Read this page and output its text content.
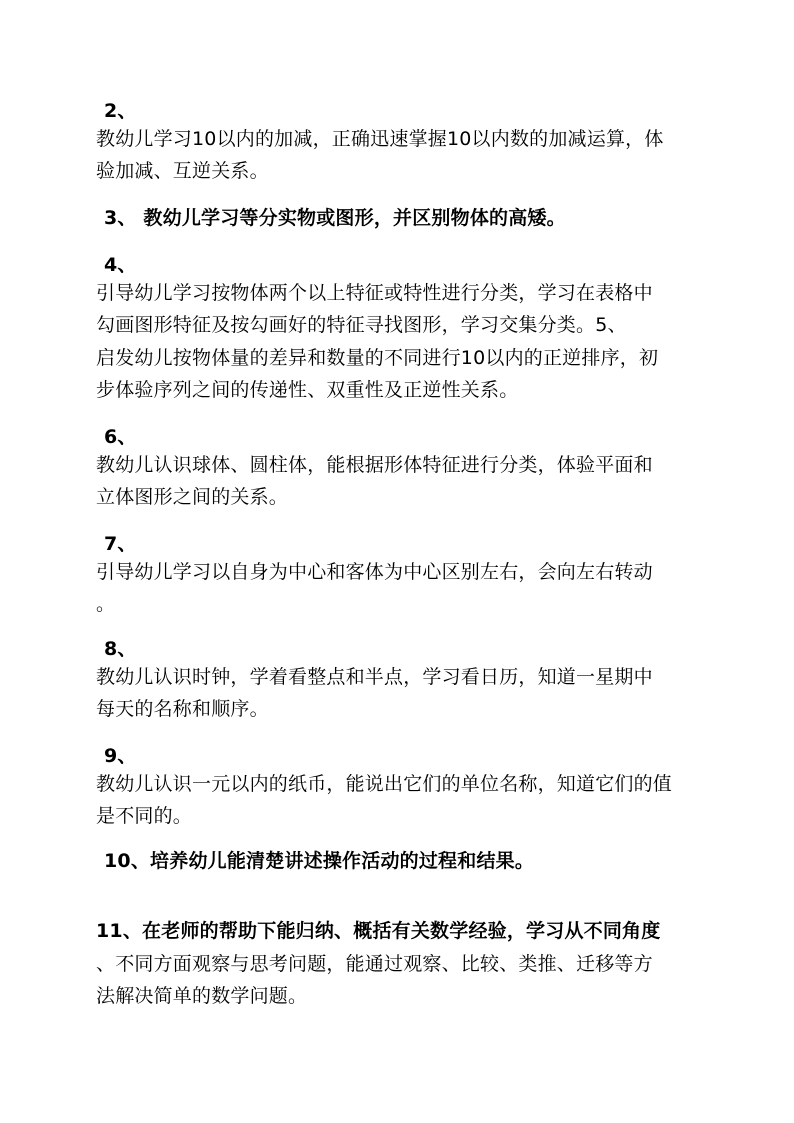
2、

教幼儿学习10以内的加减，正确迅速掌握10以内数的加减运算，体

验加减、互逆关系。

3、 教幼儿学习等分实物或图形，并区别物体的高矮。

4、

引导幼儿学习按物体两个以上特征或特性进行分类，学习在表格中

勾画图形特征及按勾画好的特征寻找图形，学习交集分类。5、

启发幼儿按物体量的差异和数量的不同进行10以内的正逆排序，初

步体验序列之间的传递性、双重性及正逆性关系。

6、

教幼儿认识球体、圆柱体，能根据形体特征进行分类，体验平面和

立体图形之间的关系。

7、

引导幼儿学习以自身为中心和客体为中心区别左右，会向左右转动

。

8、

教幼儿认识时钟，学着看整点和半点，学习看日历，知道一星期中

每天的名称和顺序。

9、

教幼儿认识一元以内的纸币，能说出它们的单位名称，知道它们的值

是不同的。

10、培养幼儿能清楚讲述操作活动的过程和结果。

11、在老师的帮助下能归纳、概括有关数学经验，学习从不同角度

、不同方面观察与思考问题，能通过观察、比较、类推、迁移等方

法解决简单的数学问题。
